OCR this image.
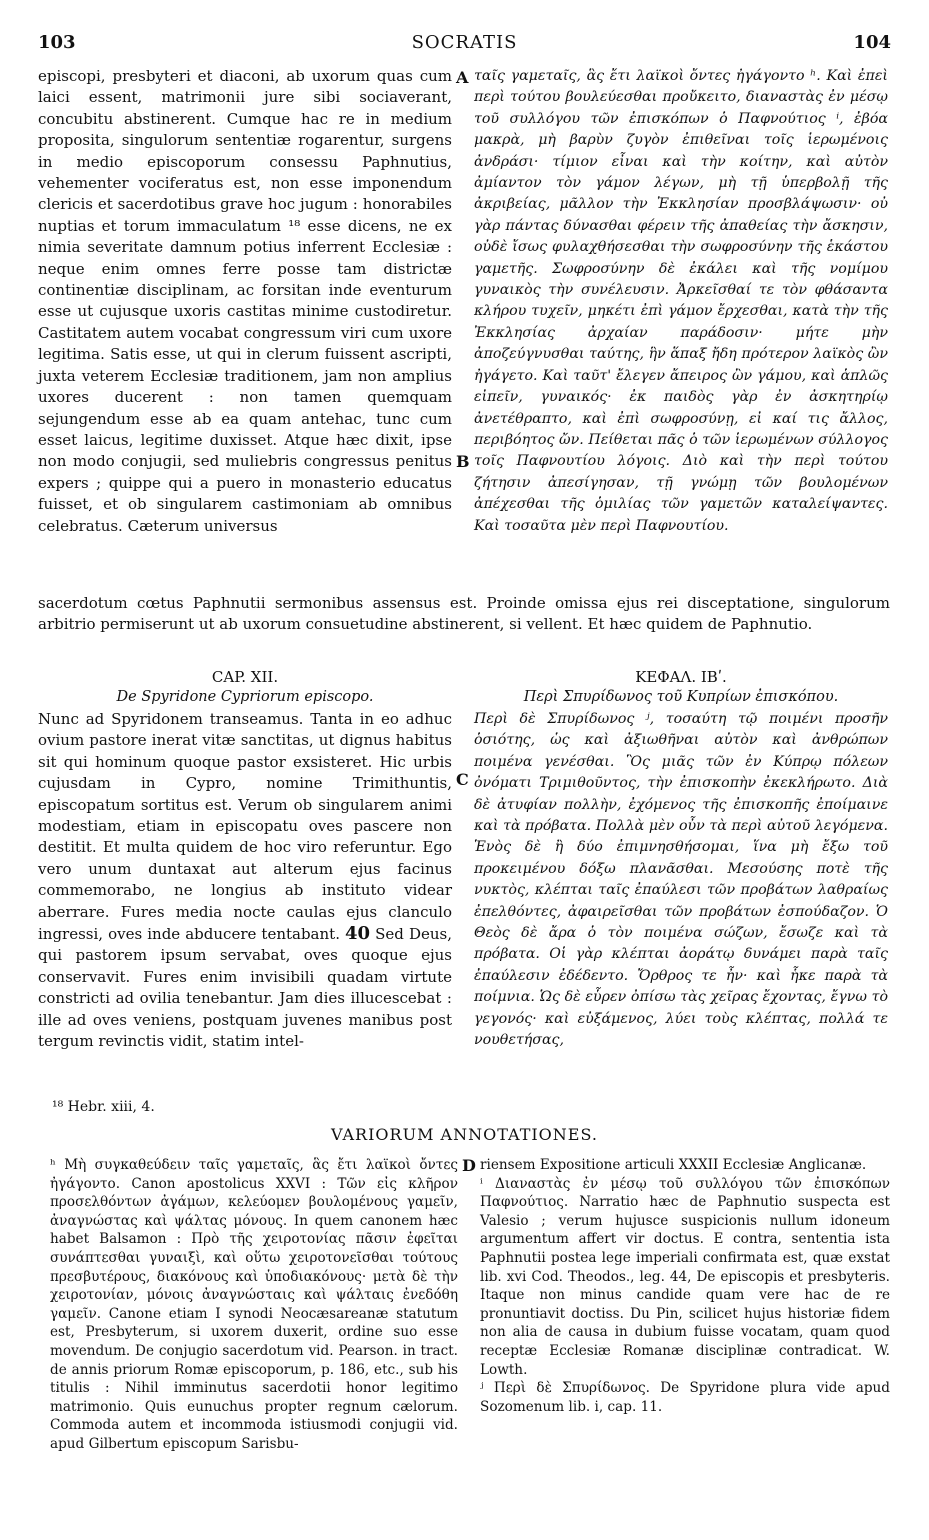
103	SOCRATIS	104
episcopi, presbyteri et diaconi, ab uxorum quas cum laici essent, matrimonii jure sibi sociaverant, concubitu abstinerent. Cumque hac re in medium proposita, singulorum sententiæ rogarentur, surgens in medio episcoporum consessu Paphnutius, vehementer vociferatus est, non esse imponendum clericis et sacerdotibus grave hoc jugum : honorabiles nuptias et torum immaculatum ¹⁸ esse dicens, ne ex nimia severitate damnum potius inferrent Ecclesiæ : neque enim omnes ferre posse tam districtæ continentiæ disciplinam, ac forsitan inde eventurum esse ut cujusque uxoris castitas minime custodiretur. Castitatem autem vocabat congressum viri cum uxore legitima. Satis esse, ut qui in clerum fuissent ascripti, juxta veterem Ecclesiæ traditionem, jam non amplius uxores ducerent : non tamen quemquam sejungendum esse ab ea quam antehac, tunc cum esset laicus, legitime duxisset. Atque hæc dixit, ipse non modo conjugii, sed muliebris congressus penitus expers ; quippe qui a puero in monasterio educatus fuisset, et ob singularem castimoniam ab omnibus celebratus. Cæterum universus
A
B
ταῖς γαμεταῖς, ἃς ἔτι λαϊκοὶ ὄντες ἠγάγοντο ʰ. Καὶ ἐπεὶ περὶ τούτου βουλεύεσθαι προὔκειτο, διαναστὰς ἐν μέσῳ τοῦ συλλόγου τῶν ἐπισκόπων ὁ Παφνούτιος ⁱ, ἐβόα μακρὰ, μὴ βαρὺν ζυγὸν ἐπιθεῖναι τοῖς ἱερωμένοις ἀνδράσι· τίμιον εἶναι καὶ τὴν κοίτην, καὶ αὐτὸν ἀμίαντον τὸν γάμον λέγων, μὴ τῇ ὑπερβολῇ τῆς ἀκριβείας, μᾶλλον τὴν Ἐκκλησίαν προσβλάψωσιν· οὐ γὰρ πάντας δύνασθαι φέρειν τῆς ἀπαθείας τὴν ἄσκησιν, οὐδὲ ἴσως φυλαχθήσεσθαι τὴν σωφροσύνην τῆς ἑκάστου γαμετῆς. Σωφροσύνην δὲ ἐκάλει καὶ τῆς νομίμου γυναικὸς τὴν συνέλευσιν. Ἀρκεῖσθαί τε τὸν φθάσαντα κλήρου τυχεῖν, μηκέτι ἐπὶ γάμον ἔρχεσθαι, κατὰ τὴν τῆς Ἐκκλησίας ἀρχαίαν παράδοσιν· μήτε μὴν ἀποζεύγνυσθαι ταύτης, ἣν ἅπαξ ἤδη πρότερον λαϊκὸς ὢν ἠγάγετο. Καὶ ταῦτ' ἔλεγεν ἄπειρος ὢν γάμου, καὶ ἁπλῶς εἰπεῖν, γυναικός· ἐκ παιδὸς γὰρ ἐν ἀσκητηρίῳ ἀνετέθραπτο, καὶ ἐπὶ σωφροσύνῃ, εἰ καί τις ἄλλος, περιβόητος ὤν. Πείθεται πᾶς ὁ τῶν ἱερωμένων σύλλογος τοῖς Παφνουτίου λόγοις. Διὸ καὶ τὴν περὶ τούτου ζήτησιν ἀπεσίγησαν, τῇ γνώμῃ τῶν βουλομένων ἀπέχεσθαι τῆς ὁμιλίας τῶν γαμετῶν καταλείψαντες. Καὶ τοσαῦτα μὲν περὶ Παφνουτίου.
sacerdotum cœtus Paphnutii sermonibus assensus est. Proinde omissa ejus rei disceptatione, singulorum arbitrio permiserunt ut ab uxorum consuetudine abstinerent, si vellent. Et hæc quidem de Paphnutio.
CAP. XII.
De Spyridone Cypriorum episcopo.
Nunc ad Spyridonem transeamus. Tanta in eo adhuc ovium pastore inerat vitæ sanctitas, ut dignus habitus sit qui hominum quoque pastor exsisteret. Hic urbis cujusdam in Cypro, nomine Trimithuntis, episcopatum sortitus est. Verum ob singularem animi modestiam, etiam in episcopatu oves pascere non destitit. Et multa quidem de hoc viro referuntur. Ego vero unum duntaxat aut alterum ejus facinus commemorabo, ne longius ab instituto videar aberrare. Fures media nocte caulas ejus clanculo ingressi, oves inde abducere tentabant. 40 Sed Deus, qui pastorem ipsum servabat, oves quoque ejus conservavit. Fures enim invisibili quadam virtute constricti ad ovilia tenebantur. Jam dies illucescebat : ille ad oves veniens, postquam juvenes manibus post tergum revinctis vidit, statim intel-
C
ΚΕΦΑΛ. ΙΒʹ.
Περὶ Σπυρίδωνος τοῦ Κυπρίων ἐπισκόπου.
Περὶ δὲ Σπυρίδωνος ʲ, τοσαύτη τῷ ποιμένι προσῆν ὁσιότης, ὡς καὶ ἀξιωθῆναι αὐτὸν καὶ ἀνθρώπων ποιμένα γενέσθαι. Ὃς μιᾶς τῶν ἐν Κύπρῳ πόλεων ὀνόματι Τριμιθοῦντος, τὴν ἐπισκοπὴν ἐκεκλήρωτο. Διὰ δὲ ἀτυφίαν πολλὴν, ἐχόμενος τῆς ἐπισκοπῆς ἐποίμαινε καὶ τὰ πρόβατα. Πολλὰ μὲν οὖν τὰ περὶ αὐτοῦ λεγόμενα. Ἑνὸς δὲ ἢ δύο ἐπιμνησθήσομαι, ἵνα μὴ ἔξω τοῦ προκειμένου δόξω πλανᾶσθαι. Μεσούσης ποτὲ τῆς νυκτὸς, κλέπται ταῖς ἐπαύλεσι τῶν προβάτων λαθραίως ἐπελθόντες, ἀφαιρεῖσθαι τῶν προβάτων ἐσπούδαζον. Ὁ Θεὸς δὲ ἄρα ὁ τὸν ποιμένα σώζων, ἔσωζε καὶ τὰ πρόβατα. Οἱ γὰρ κλέπται ἀοράτῳ δυνάμει παρὰ ταῖς ἐπαύλεσιν ἐδέδεντο. Ὄρθρος τε ἦν· καὶ ἧκε παρὰ τὰ ποίμνια. Ὡς δὲ εὗρεν ὀπίσω τὰς χεῖρας ἔχοντας, ἔγνω τὸ γεγονός· καὶ εὐξάμενος, λύει τοὺς κλέπτας, πολλά τε νουθετήσας,
¹⁸ Hebr. xiii, 4.
VARIORUM ANNOTATIONES.
ʰ Μὴ συγκαθεύδειν ταῖς γαμεταῖς, ἃς ἔτι λαϊκοὶ ὄντες ἠγάγοντο. Canon apostolicus XXVI : Τῶν εἰς κλῆρον προσελθόντων ἀγάμων, κελεύομεν βουλομένους γαμεῖν, ἀναγνώστας καὶ ψάλτας μόνους. In quem canonem hæc habet Balsamon : Πρὸ τῆς χειροτονίας πᾶσιν ἐφεῖται συνάπτεσθαι γυναιξὶ, καὶ οὕτω χειροτονεῖσθαι τούτους πρεσβυτέρους, διακόνους καὶ ὑποδιακόνους· μετὰ δὲ τὴν χειροτονίαν, μόνοις ἀναγνώσταις καὶ ψάλταις ἐνεδόθη γαμεῖν. Canone etiam I synodi Neocæsareanæ statutum est, Presbyterum, si uxorem duxerit, ordine suo esse movendum. De conjugio sacerdotum vid. Pearson. in tract. de annis priorum Romæ episcoporum, p. 186, etc., sub his titulis : Nihil imminutus sacerdotii honor legitimo matrimonio. Quis eunuchus propter regnum cælorum. Commoda autem et incommoda istiusmodi conjugii vid. apud Gilbertum episcopum Sarisbu-
D riensem Expositione articuli XXXII Ecclesiæ Anglicanæ.
ⁱ Διαναστὰς ἐν μέσῳ τοῦ συλλόγου τῶν ἐπισκόπων Παφνούτιος. Narratio hæc de Paphnutio suspecta est Valesio ; verum hujusce suspicionis nullum idoneum argumentum affert vir doctus. E contra, sententia ista Paphnutii postea lege imperiali confirmata est, quæ exstat lib. xvi Cod. Theodos., leg. 44, De episcopis et presbyteris. Itaque non minus candide quam vere hac de re pronuntiavit doctiss. Du Pin, scilicet hujus historiæ fidem non alia de causa in dubium fuisse vocatam, quam quod receptæ Ecclesiæ Romanæ disciplinæ contradicat. W. Lowth.
ʲ Περὶ δὲ Σπυρίδωνος. De Spyridone plura vide apud Sozomenum lib. i, cap. 11.
